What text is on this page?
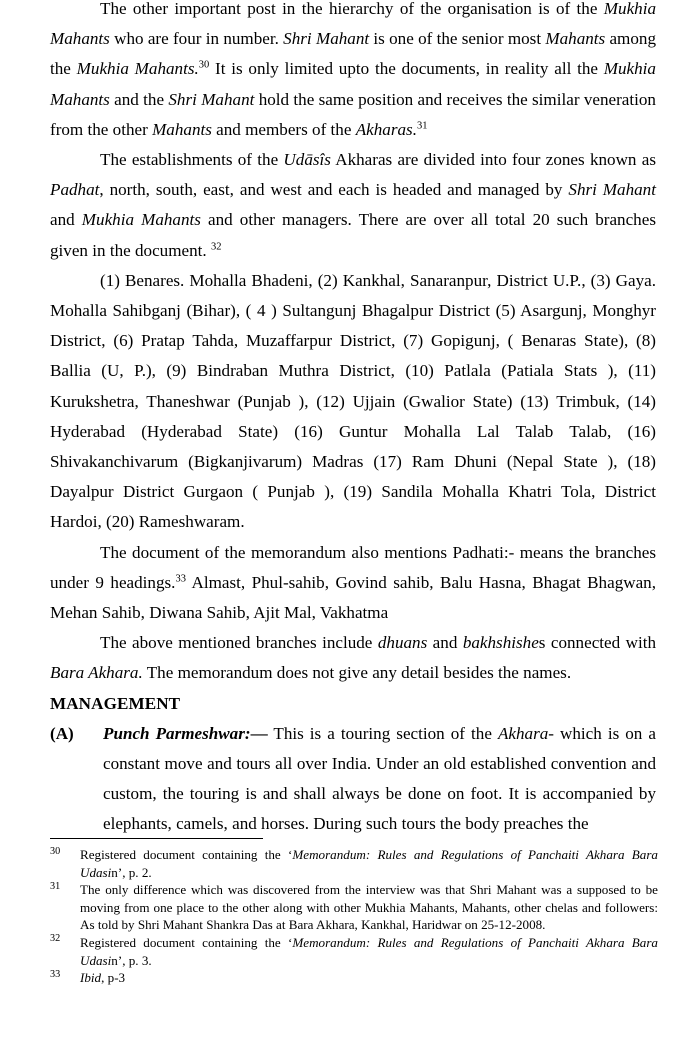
The other important post in the hierarchy of the organisation is of the Mukhia Mahants who are four in number. Shri Mahant is one of the senior most Mahants among the Mukhia Mahants.$^{30}$ It is only limited upto the documents, in reality all the Mukhia Mahants and the Shri Mahant hold the same position and receives the similar veneration from the other Mahants and members of the Akharas.$^{31}$

The establishments of the Udāsîs Akharas are divided into four zones known as Padhat, north, south, east, and west and each is headed and managed by Shri Mahant and Mukhia Mahants and other managers. There are over all total 20 such branches given in the document. $^{32}$

(1) Benares. Mohalla Bhadeni, (2) Kankhal, Sanaranpur, District U.P., (3) Gaya. Mohalla Sahibganj (Bihar), ( 4 ) Sultangunj Bhagalpur District (5) Asargunj, Monghyr District, (6) Pratap Tahda, Muzaffarpur District, (7) Gopigunj, ( Benaras State), (8) Ballia (U, P.), (9) Bindraban Muthra District, (10) Patlala (Patiala Stats ), (11) Kurukshetra, Thaneshwar (Punjab ), (12) Ujjain (Gwalior State) (13) Trimbuk, (14) Hyderabad (Hyderabad State) (16) Guntur Mohalla Lal Talab Talab, (16) Shivakanchivarum (Bigkanjivarum) Madras (17) Ram Dhuni (Nepal State ), (18) Dayalpur District Gurgaon ( Punjab ), (19) Sandila Mohalla Khatri Tola, District Hardoi, (20) Rameshwaram.

The document of the memorandum also mentions Padhati:- means the branches under 9 headings.$^{33}$ Almast, Phul-sahib, Govind sahib, Balu Hasna, Bhagat Bhagwan, Mehan Sahib, Diwana Sahib, Ajit Mal, Vakhatma

The above mentioned branches include dhuans and bakhshishes connected with Bara Akhara. The memorandum does not give any detail besides the names.

MANAGEMENT
(A) Punch Parmeshwar:— This is a touring section of the Akhara- which is on a constant move and tours all over India. Under an old established convention and custom, the touring is and shall always be done on foot. It is accompanied by elephants, camels, and horses. During such tours the body preaches the
30 Registered document containing the ‘Memorandum: Rules and Regulations of Panchaiti Akhara Bara Udasin’, p. 2.
31 The only difference which was discovered from the interview was that Shri Mahant was a supposed to be moving from one place to the other along with other Mukhia Mahants, Mahants, other chelas and followers: As told by Shri Mahant Shankra Das at Bara Akhara, Kankhal, Haridwar on 25-12-2008.
32 Registered document containing the ‘Memorandum: Rules and Regulations of Panchaiti Akhara Bara Udasin’, p. 3.
33 Ibid, p-3
